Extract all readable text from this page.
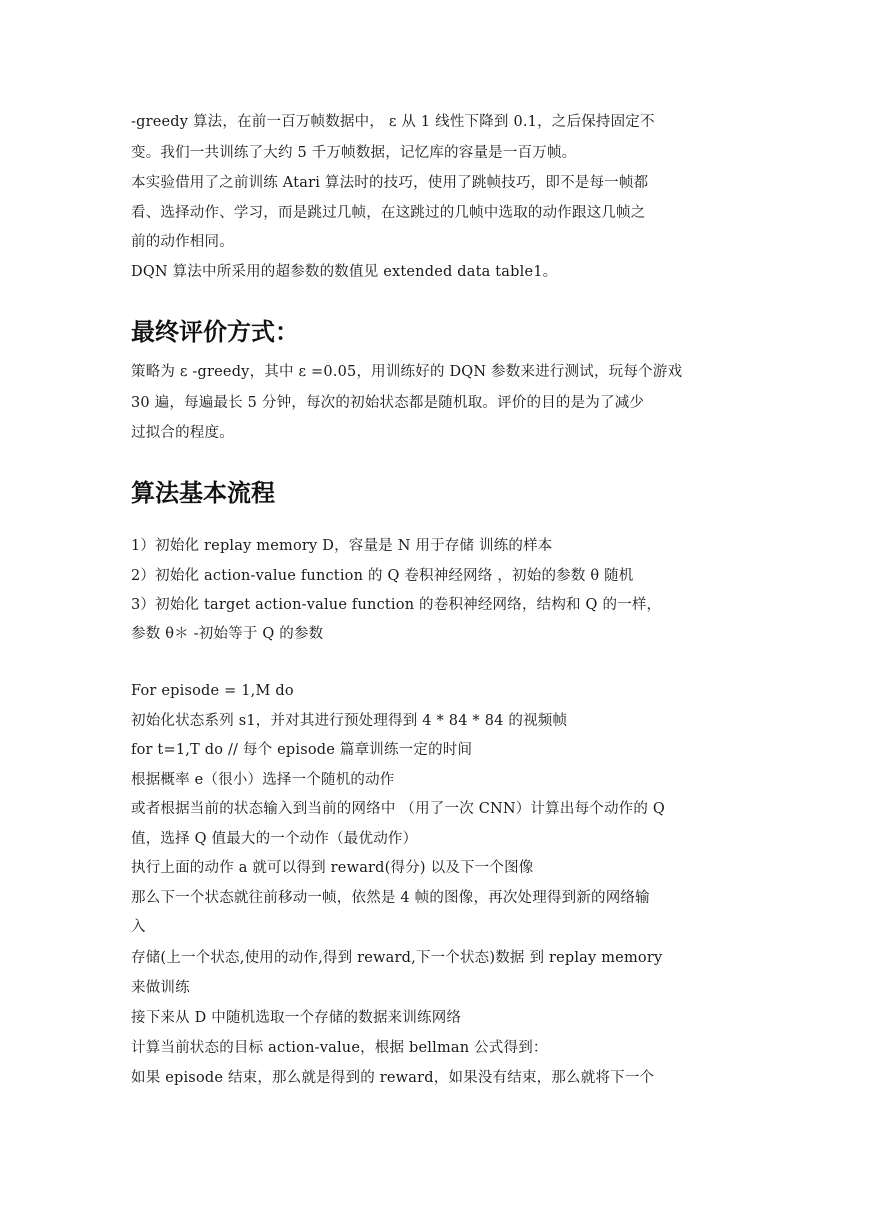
-greedy 算法，在前一百万帧数据中， ε 从 1 线性下降到 0.1，之后保持固定不
变。我们一共训练了大约 5 千万帧数据，记忆库的容量是一百万帧。
本实验借用了之前训练 Atari 算法时的技巧，使用了跳帧技巧，即不是每一帧都
看、选择动作、学习，而是跳过几帧，在这跳过的几帧中选取的动作跟这几帧之
前的动作相同。
DQN 算法中所采用的超参数的数值见 extended data table1。
最终评价方式：
策略为 ε -greedy，其中 ε =0.05，用训练好的 DQN 参数来进行测试，玩每个游戏
30 遍，每遍最长 5 分钟，每次的初始状态都是随机取。评价的目的是为了减少
过拟合的程度。
算法基本流程
1）初始化 replay memory D，容量是 N 用于存储 训练的样本
2）初始化 action-value function 的 Q 卷积神经网络 ，初始的参数 θ 随机
3）初始化 target action-value function 的卷积神经网络，结构和 Q 的一样，
参数 θ＊ -初始等于 Q 的参数
For episode = 1,M do
初始化状态系列 s1，并对其进行预处理得到 4 * 84 * 84 的视频帧
for t=1,T do // 每个 episode 篇章训练一定的时间
根据概率 e（很小）选择一个随机的动作
或者根据当前的状态输入到当前的网络中 （用了一次 CNN）计算出每个动作的 Q
值，选择 Q 值最大的一个动作（最优动作）
执行上面的动作 a 就可以得到 reward(得分) 以及下一个图像
那么下一个状态就往前移动一帧，依然是 4 帧的图像，再次处理得到新的网络输
入
存储(上一个状态,使用的动作,得到 reward,下一个状态)数据 到 replay memory
来做训练
接下来从 D 中随机选取一个存储的数据来训练网络
计算当前状态的目标 action-value，根据 bellman 公式得到：
如果 episode 结束，那么就是得到的 reward，如果没有结束，那么就将下一个
